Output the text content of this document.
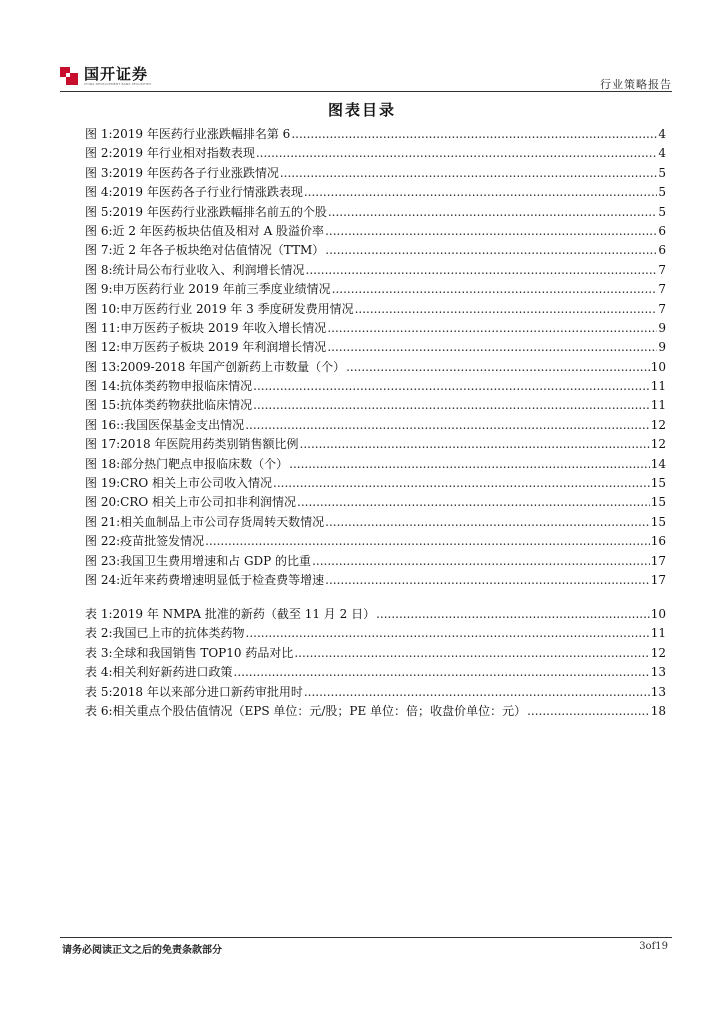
国开证券
CHINA DEVELOPMENT BANK SECURITIES	行业策略报告
图表目录
图 1: 2019 年医药行业涨跌幅排名第 6 .....	4
图 2: 2019 年行业相对指数表现 .....	4
图 3: 2019 年医药各子行业涨跌情况 .....	5
图 4: 2019 年医药各子行业行情涨跌表现 .....	5
图 5: 2019 年医药行业涨跌幅排名前五的个股 .....	5
图 6: 近 2 年医药板块估值及相对 A 股溢价率 .....	6
图 7: 近 2 年各子板块绝对估值情况（TTM） .....	6
图 8: 统计局公布行业收入、利润增长情况 .....	7
图 9: 申万医药行业 2019 年前三季度业绩情况 .....	7
图 10: 申万医药行业 2019 年 3 季度研发费用情况 .....	7
图 11: 申万医药子板块 2019 年收入增长情况 .....	9
图 12: 申万医药子板块 2019 年利润增长情况 .....	9
图 13: 2009-2018 年国产创新药上市数量（个） .....	10
图 14: 抗体类药物申报临床情况 .....	11
图 15: 抗体类药物获批临床情况 .....	11
图 16: :我国医保基金支出情况 .....	12
图 17: 2018 年医院用药类别销售额比例 .....	12
图 18: 部分热门靶点申报临床数（个） .....	14
图 19: CRO 相关上市公司收入情况 .....	15
图 20: CRO 相关上市公司扣非利润情况 .....	15
图 21: 相关血制品上市公司存货周转天数情况 .....	15
图 22: 疫苗批签发情况 .....	16
图 23: 我国卫生费用增速和占 GDP 的比重 .....	17
图 24: 近年来药费增速明显低于检查费等增速 .....	17
表 1: 2019 年 NMPA 批准的新药（截至 11 月 2 日） .....	10
表 2: 我国已上市的抗体类药物 .....	11
表 3: 全球和我国销售 TOP10 药品对比 .....	12
表 4: 相关利好新药进口政策 .....	13
表 5: 2018 年以来部分进口新药审批用时 .....	13
表 6: 相关重点个股估值情况（EPS 单位：元/股；PE 单位：倍；收盘价单位：元） .....	18
请务必阅读正文之后的免责条款部分	3of19
